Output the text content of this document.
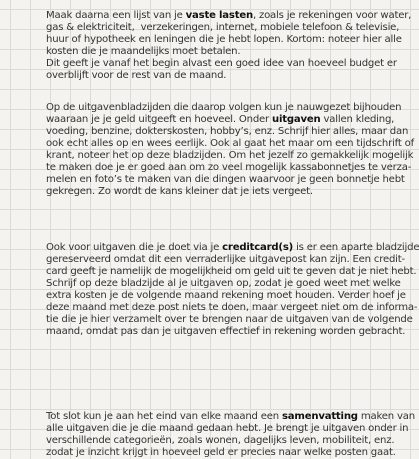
Maak daarna een lijst van je vaste lasten, zoals je rekeningen voor water,
gas & elektriciteit,  verzekeringen, internet, mobiele telefoon & televisie,
huur of hypotheek en leningen die je hebt lopen. Kortom: noteer hier alle
kosten die je maandelijks moet betalen.
Dit geeft je vanaf het begin alvast een goed idee van hoeveel budget er
overblijft voor de rest van de maand.

Op de uitgavenbladzijden die daarop volgen kun je nauwgezet bijhouden
waaraan je je geld uitgeeft en hoeveel. Onder uitgaven vallen kleding,
voeding, benzine, dokterskosten, hobby’s, enz. Schrijf hier alles, maar dan
ook echt alles op en wees eerlijk. Ook al gaat het maar om een tijdschrift of
krant, noteer het op deze bladzijden. Om het jezelf zo gemakkelijk mogelijk
te maken doe je er goed aan om zo veel mogelijk kassabonnetjes te verza-
melen en foto’s te maken van die dingen waarvoor je geen bonnetje hebt
gekregen. Zo wordt de kans kleiner dat je iets vergeet.

Ook voor uitgaven die je doet via je creditcard(s) is er een aparte bladzijde
gereserveerd omdat dit een verraderlijke uitgavepost kan zijn. Een credit-
card geeft je namelijk de mogelijkheid om geld uit te geven dat je niet hebt.
Schrijf op deze bladzijde al je uitgaven op, zodat je goed weet met welke
extra kosten je de volgende maand rekening moet houden. Verder hoef je
deze maand met deze post niets te doen, maar vergeet niet om de informa-
tie die je hier verzamelt over te brengen naar de uitgaven van de volgende
maand, omdat pas dan je uitgaven effectief in rekening worden gebracht.

Tot slot kun je aan het eind van elke maand een samenvatting maken van
alle uitgaven die je die maand gedaan hebt. Je brengt je uitgaven onder in
verschillende categorieën, zoals wonen, dagelijks leven, mobiliteit, enz.
zodat je inzicht krijgt in hoeveel geld er precies naar welke posten gaat.
